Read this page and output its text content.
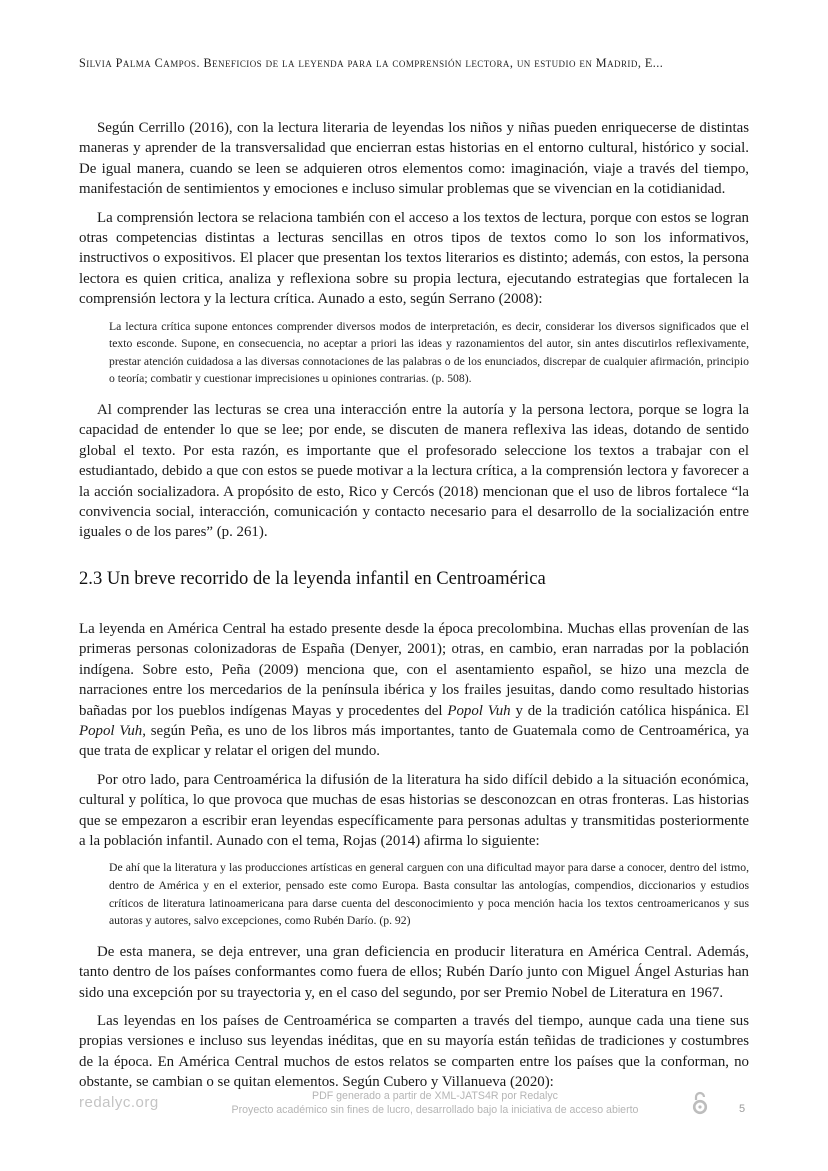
Silvia Palma Campos. Beneficios de la leyenda para la comprensión lectora, un estudio en Madrid, E...

Según Cerrillo (2016), con la lectura literaria de leyendas los niños y niñas pueden enriquecerse de distintas maneras y aprender de la transversalidad que encierran estas historias en el entorno cultural, histórico y social. De igual manera, cuando se leen se adquieren otros elementos como: imaginación, viaje a través del tiempo, manifestación de sentimientos y emociones e incluso simular problemas que se vivencian en la cotidianidad.

La comprensión lectora se relaciona también con el acceso a los textos de lectura, porque con estos se logran otras competencias distintas a lecturas sencillas en otros tipos de textos como lo son los informativos, instructivos o expositivos. El placer que presentan los textos literarios es distinto; además, con estos, la persona lectora es quien critica, analiza y reflexiona sobre su propia lectura, ejecutando estrategias que fortalecen la comprensión lectora y la lectura crítica. Aunado a esto, según Serrano (2008):

La lectura crítica supone entonces comprender diversos modos de interpretación, es decir, considerar los diversos significados que el texto esconde. Supone, en consecuencia, no aceptar a priori las ideas y razonamientos del autor, sin antes discutirlos reflexivamente, prestar atención cuidadosa a las diversas connotaciones de las palabras o de los enunciados, discrepar de cualquier afirmación, principio o teoría; combatir y cuestionar imprecisiones u opiniones contrarias. (p. 508).

Al comprender las lecturas se crea una interacción entre la autoría y la persona lectora, porque se logra la capacidad de entender lo que se lee; por ende, se discuten de manera reflexiva las ideas, dotando de sentido global el texto. Por esta razón, es importante que el profesorado seleccione los textos a trabajar con el estudiantado, debido a que con estos se puede motivar a la lectura crítica, a la comprensión lectora y favorecer a la acción socializadora. A propósito de esto, Rico y Cercós (2018) mencionan que el uso de libros fortalece “la convivencia social, interacción, comunicación y contacto necesario para el desarrollo de la socialización entre iguales o de los pares” (p. 261).

2.3 Un breve recorrido de la leyenda infantil en Centroamérica

La leyenda en América Central ha estado presente desde la época precolombina. Muchas ellas provenían de las primeras personas colonizadoras de España (Denyer, 2001); otras, en cambio, eran narradas por la población indígena. Sobre esto, Peña (2009) menciona que, con el asentamiento español, se hizo una mezcla de narraciones entre los mercedarios de la península ibérica y los frailes jesuitas, dando como resultado historias bañadas por los pueblos indígenas Mayas y procedentes del Popol Vuh y de la tradición católica hispánica. El Popol Vuh, según Peña, es uno de los libros más importantes, tanto de Guatemala como de Centroamérica, ya que trata de explicar y relatar el origen del mundo.

Por otro lado, para Centroamérica la difusión de la literatura ha sido difícil debido a la situación económica, cultural y política, lo que provoca que muchas de esas historias se desconozcan en otras fronteras. Las historias que se empezaron a escribir eran leyendas específicamente para personas adultas y transmitidas posteriormente a la población infantil. Aunado con el tema, Rojas (2014) afirma lo siguiente:

De ahí que la literatura y las producciones artísticas en general carguen con una dificultad mayor para darse a conocer, dentro del istmo, dentro de América y en el exterior, pensado este como Europa. Basta consultar las antologías, compendios, diccionarios y estudios críticos de literatura latinoamericana para darse cuenta del desconocimiento y poca mención hacia los textos centroamericanos y sus autoras y autores, salvo excepciones, como Rubén Darío. (p. 92)

De esta manera, se deja entrever, una gran deficiencia en producir literatura en América Central. Además, tanto dentro de los países conformantes como fuera de ellos; Rubén Darío junto con Miguel Ángel Asturias han sido una excepción por su trayectoria y, en el caso del segundo, por ser Premio Nobel de Literatura en 1967.

Las leyendas en los países de Centroamérica se comparten a través del tiempo, aunque cada una tiene sus propias versiones e incluso sus leyendas inéditas, que en su mayoría están teñidas de tradiciones y costumbres de la época. En América Central muchos de estos relatos se comparten entre los países que la conforman, no obstante, se cambian o se quitan elementos. Según Cubero y Villanueva (2020):

redalyc.org	PDF generado a partir de XML-JATS4R por Redalyc
Proyecto académico sin fines de lucro, desarrollado bajo la iniciativa de acceso abierto	5
